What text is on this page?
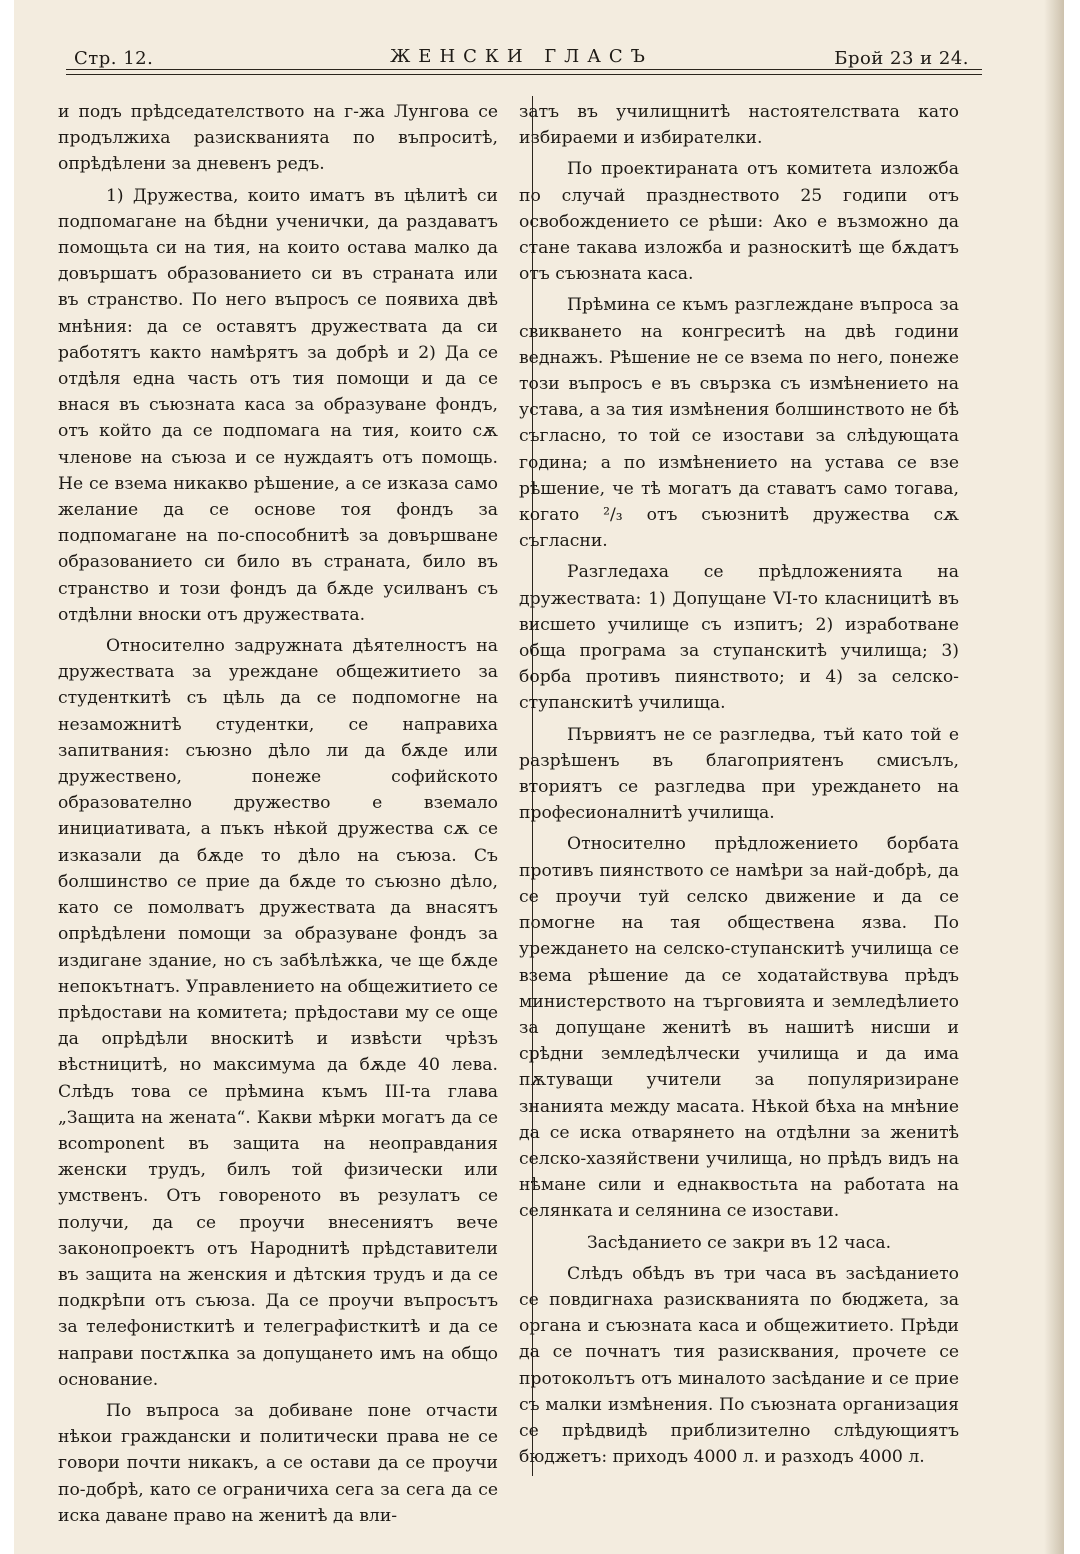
Стр. 12.	ЖЕНСКИ ГЛАСЪ	Брой 23 и 24.

и подъ прѣдседателството на г-жа Лунгова се продължиха разискванията по въпроситѣ, опрѣдѣлени за дневенъ редъ.

1) Дружества, които иматъ въ цѣлитѣ си подпомагане на бѣдни ученички, да раздаватъ помощьта си на тия, на които остава малко да довършатъ образованието си въ страната или въ странство. По него въпросъ се появиха двѣ мнѣния: да се оставятъ дружествата да си работятъ както намѣрятъ за добрѣ и 2) Да се отдѣля една часть отъ тия помощи и да се внася въ съюзната каса за образуване фондъ, отъ който да се подпомага на тия, които сѫ членове на съюза и се нуждаятъ отъ помощь. Не се взема никакво рѣшение, а се изказа само желание да се основе тоя фондъ за подпомагане на по-способнитѣ за довършване образованието си било въ страната, било въ странство и този фондъ да бѫде усилванъ съ отдѣлни вноски отъ дружествата.

Относително задружната дѣятелностъ на дружествата за уреждане общежитието за студенткитѣ съ цѣль да се подпомогне на незаможнитѣ студентки, се направиха запитвания: съюзно дѣло ли да бѫде или дружествено, понеже софийското образователно дружество е вземало инициативата, а пъкъ нѣкой дружества сѫ се изказали да бѫде то дѣло на съюза. Съ болшинство се прие да бѫде то съюзно дѣло, като се помолватъ дружествата да внасятъ опрѣдѣлени помощи за образуване фондъ за издигане здание, но съ забѣлѣжка, че ще бѫде непокътнатъ. Управлението на общежитието се прѣдостави на комитета; прѣдостави му се още да опрѣдѣли вноскитѣ и извѣсти чрѣзъ вѣстницитѣ, но максимума да бѫде 40 лева. Слѣдъ това се прѣмина къмъ III-та глава „Защита на жената“. Какви мѣрки могатъ да се вcomponent въ защита на неоправдания женски трудъ, билъ той физически или умственъ. Отъ говореното въ резулатъ се получи, да се проучи внесениятъ вече законопроектъ отъ Народнитѣ прѣдставители въ защита на женския и дѣтския трудъ и да се подкрѣпи отъ съюза. Да се проучи въпросътъ за телефонисткитѣ и телеграфисткитѣ и да се направи постѫпка за допущането имъ на общо основание.

По въпроса за добиване поне отчасти нѣкои граждански и политически права не се говори почти никакъ, а се остави да се проучи по-добрѣ, като се ограничиха сега за сега да се иска даване право на женитѣ да вли-

затъ въ училищнитѣ настоятелствата като избираеми и избирателки.

По проектираната отъ комитета изложба по случай празднеството 25 годипи отъ освобождението се рѣши: Ако е възможно да стане такава изложба и разноскитѣ ще бѫдатъ отъ съюзната каса.

Прѣмина се къмъ разглеждане въпроса за свикването на конгреситѣ на двѣ години веднажъ. Рѣшение не се взема по него, понеже този въпросъ е въ свързка съ измѣнението на устава, а за тия измѣнения болшинството не бѣ съгласно, то той се изостави за слѣдующата година; а по измѣнението на устава се взе рѣшение, че тѣ могатъ да ставатъ само тогава, когато ²/₃ отъ съюзнитѣ дружества сѫ съгласни.

Разгледаха се прѣдложенията на дружествата: 1) Допущане VI-то класницитѣ въ висшето училище съ изпитъ; 2) изработване обща програма за ступанскитѣ училища; 3) борба противъ пиянството; и 4) за селско-ступанскитѣ училища.

Първиятъ не се разгледва, тъй като той е разрѣшенъ въ благоприятенъ смисълъ, вториятъ се разгледва при уреждането на професионалнитѣ училища.

Относително прѣдложението борбата противъ пиянството се намѣри за най-добрѣ, да се проучи туй селско движение и да се помогне на тая обществена язва. По уреждането на селско-ступанскитѣ училища се взема рѣшение да се ходатайствува прѣдъ министерството на търговията и земледѣлието за допущане женитѣ въ нашитѣ нисши и срѣдни земледѣлчески училища и да има пѫтуващи учители за популяризиране знанията между масата. Нѣкой бѣха на мнѣние да се иска отварянето на отдѣлни за женитѣ селско-хазяйствени училища, но прѣдъ видъ на нѣмане сили и еднаквостьта на работата на селянката и селянина се изостави.

Засѣданието се закри въ 12 часа.

Слѣдъ обѣдъ въ три часа въ засѣданието се повдигнаха разискванията по бюджета, за органа и съюзната каса и общежитието. Прѣди да се почнатъ тия разисквания, прочете се протоколътъ отъ миналото засѣдание и се прие съ малки измѣнения. По съюзната организация се прѣдвидѣ приблизително слѣдующиятъ бюджетъ: приходъ 4000 л. и разходъ 4000 л.
